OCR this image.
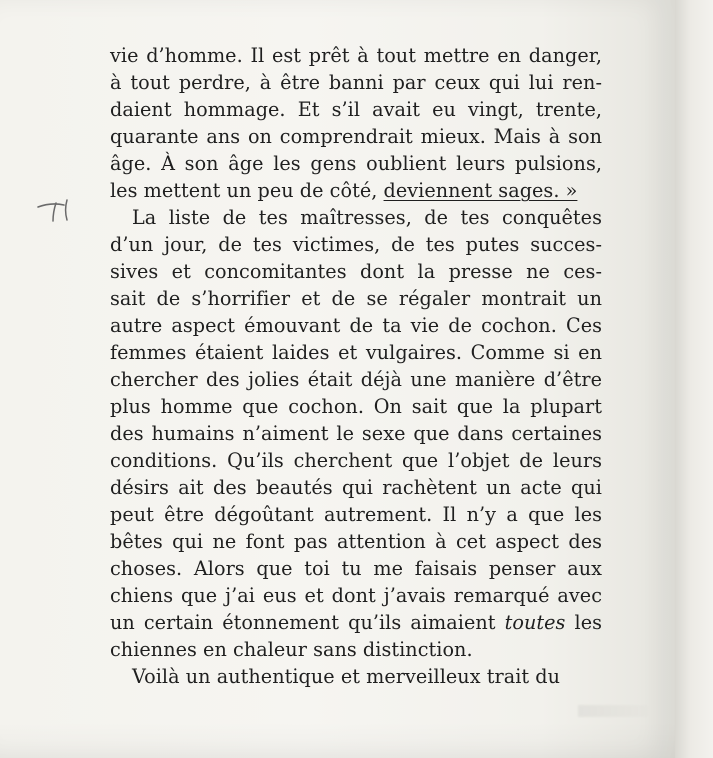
vie d’homme. Il est prêt à tout mettre en danger,
à tout perdre, à être banni par ceux qui lui ren-
daient hommage. Et s’il avait eu vingt, trente,
quarante ans on comprendrait mieux. Mais à son
âge. À son âge les gens oublient leurs pulsions,
les mettent un peu de côté, deviennent sages. »
La liste de tes maîtresses, de tes conquêtes
d’un jour, de tes victimes, de tes putes succes-
sives et concomitantes dont la presse ne ces-
sait de s’horrifier et de se régaler montrait un
autre aspect émouvant de ta vie de cochon. Ces
femmes étaient laides et vulgaires. Comme si en
chercher des jolies était déjà une manière d’être
plus homme que cochon. On sait que la plupart
des humains n’aiment le sexe que dans certaines
conditions. Qu’ils cherchent que l’objet de leurs
désirs ait des beautés qui rachètent un acte qui
peut être dégoûtant autrement. Il n’y a que les
bêtes qui ne font pas attention à cet aspect des
choses. Alors que toi tu me faisais penser aux
chiens que j’ai eus et dont j’avais remarqué avec
un certain étonnement qu’ils aimaient toutes les
chiennes en chaleur sans distinction.
Voilà un authentique et merveilleux trait du
